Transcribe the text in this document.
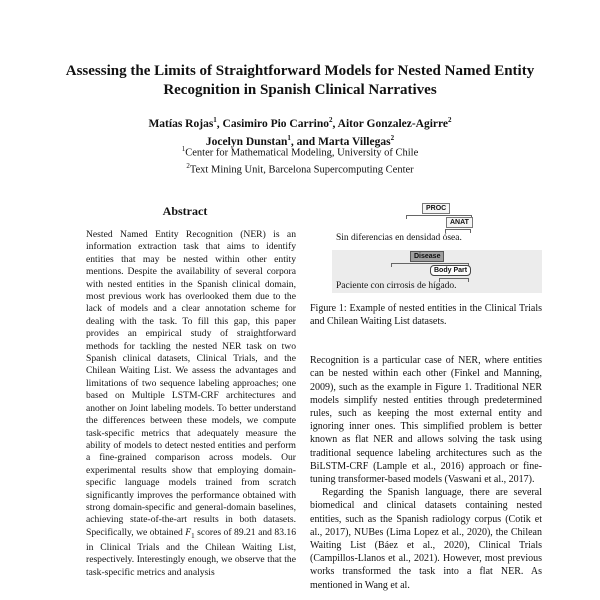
Assessing the Limits of Straightforward Models for Nested Named Entity Recognition in Spanish Clinical Narratives
Matías Rojas$^1$, Casimiro Pio Carrino$^2$, Aitor Gonzalez-Agirre$^2$
Jocelyn Dunstan$^1$, and Marta Villegas$^2$
$^1$Center for Mathematical Modeling, University of Chile
$^2$Text Mining Unit, Barcelona Supercomputing Center
Abstract
Nested Named Entity Recognition (NER) is an information extraction task that aims to identify entities that may be nested within other entity mentions. Despite the availability of several corpora with nested entities in the Spanish clinical domain, most previous work has overlooked them due to the lack of models and a clear annotation scheme for dealing with the task. To fill this gap, this paper provides an empirical study of straightforward methods for tackling the nested NER task on two Spanish clinical datasets, Clinical Trials, and the Chilean Waiting List. We assess the advantages and limitations of two sequence labeling approaches; one based on Multiple LSTM-CRF architectures and another on Joint labeling models. To better understand the differences between these models, we compute task-specific metrics that adequately measure the ability of models to detect nested entities and perform a fine-grained comparison across models. Our experimental results show that employing domain-specific language models trained from scratch significantly improves the performance obtained with strong domain-specific and general-domain baselines, achieving state-of-the-art results in both datasets. Specifically, we obtained $F_1$ scores of 89.21 and 83.16 in Clinical Trials and the Chilean Waiting List, respectively. Interestingly enough, we observe that the task-specific metrics and analysis
PROC
ANAT
Sin diferencias en densidad ósea.
Disease
Body Part
Paciente con cirrosis de hígado.
Figure 1: Example of nested entities in the Clinical Trials and Chilean Waiting List datasets.

Recognition is a particular case of NER, where entities can be nested within each other (Finkel and Manning, 2009), such as the example in Figure 1. Traditional NER models simplify nested entities through predetermined rules, such as keeping the most external entity and ignoring inner ones. This simplified problem is better known as flat NER and allows solving the task using traditional sequence labeling architectures such as the BiLSTM-CRF (Lample et al., 2016) approach or fine-tuning transformer-based models (Vaswani et al., 2017).

Regarding the Spanish language, there are several biomedical and clinical datasets containing nested entities, such as the Spanish radiology corpus (Cotik et al., 2017), NUBes (Lima Lopez et al., 2020), the Chilean Waiting List (Báez et al., 2020), Clinical Trials (Campillos-Llanos et al., 2021). However, most previous works transformed the task into a flat NER. As mentioned in Wang et al.
